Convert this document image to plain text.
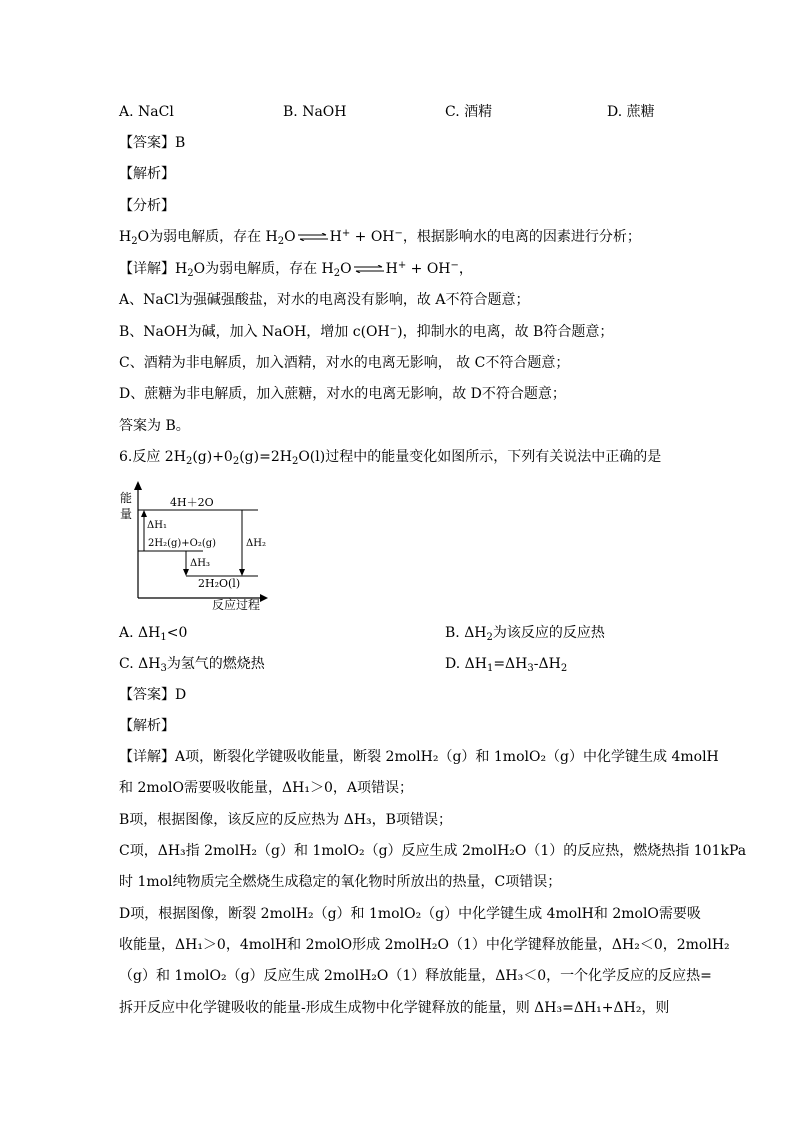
A. NaCl	B. NaOH	C. 酒精	D. 蔗糖
【答案】B
【解析】
【分析】
$H_2O$为弱电解质，存在 $H_2O$ ⇌ H+ + OH−，根据影响水的电离的因素进行分析；
【详解】$H_2O$为弱电解质，存在 $H_2O$ ⇌ H+ + OH−，
A、NaCl为强碱强酸盐，对水的电离没有影响，故 A不符合题意；
B、NaOH为碱，加入 NaOH，增加 c(OH⁻)，抑制水的电离，故 B符合题意；
C、酒精为非电解质，加入酒精，对水的电离无影响， 故 C不符合题意；
D、蔗糖为非电解质，加入蔗糖，对水的电离无影响，故 D不符合题意；
答案为 B。
6.反应 $2H_2(g)+0_2(g)=2H_2O(l)$过程中的能量变化如图所示，下列有关说法中正确的是
能
量
反应过程
4H＋2O
2H₂(g)+O₂(g)
2H₂O(l)
ΔH₁
ΔH₃
ΔH₂
A. $\Delta H_1<0$	B. $\Delta H_2$为该反应的反应热
C. $\Delta H_3$为氢气的燃烧热	D. $\Delta H_1=\Delta H_3-\Delta H_2$
【答案】D
【解析】
【详解】A项，断裂化学键吸收能量，断裂 2molH₂（g）和 1molO₂（g）中化学键生成 4molH
和 2molO需要吸收能量，ΔH₁＞0，A项错误；
B项，根据图像，该反应的反应热为 ΔH₃，B项错误；
C项，ΔH₃指 2molH₂（g）和 1molO₂（g）反应生成 2molH₂O（1）的反应热，燃烧热指 101kPa
时 1mol纯物质完全燃烧生成稳定的氧化物时所放出的热量，C项错误；
D项，根据图像，断裂 2molH₂（g）和 1molO₂（g）中化学键生成 4molH和 2molO需要吸
收能量，ΔH₁＞0，4molH和 2molO形成 2molH₂O（1）中化学键释放能量，ΔH₂＜0，2molH₂
（g）和 1molO₂（g）反应生成 2molH₂O（1）释放能量，ΔH₃＜0，一个化学反应的反应热=
拆开反应中化学键吸收的能量-形成生成物中化学键释放的能量，则 ΔH₃=ΔH₁+ΔH₂，则
